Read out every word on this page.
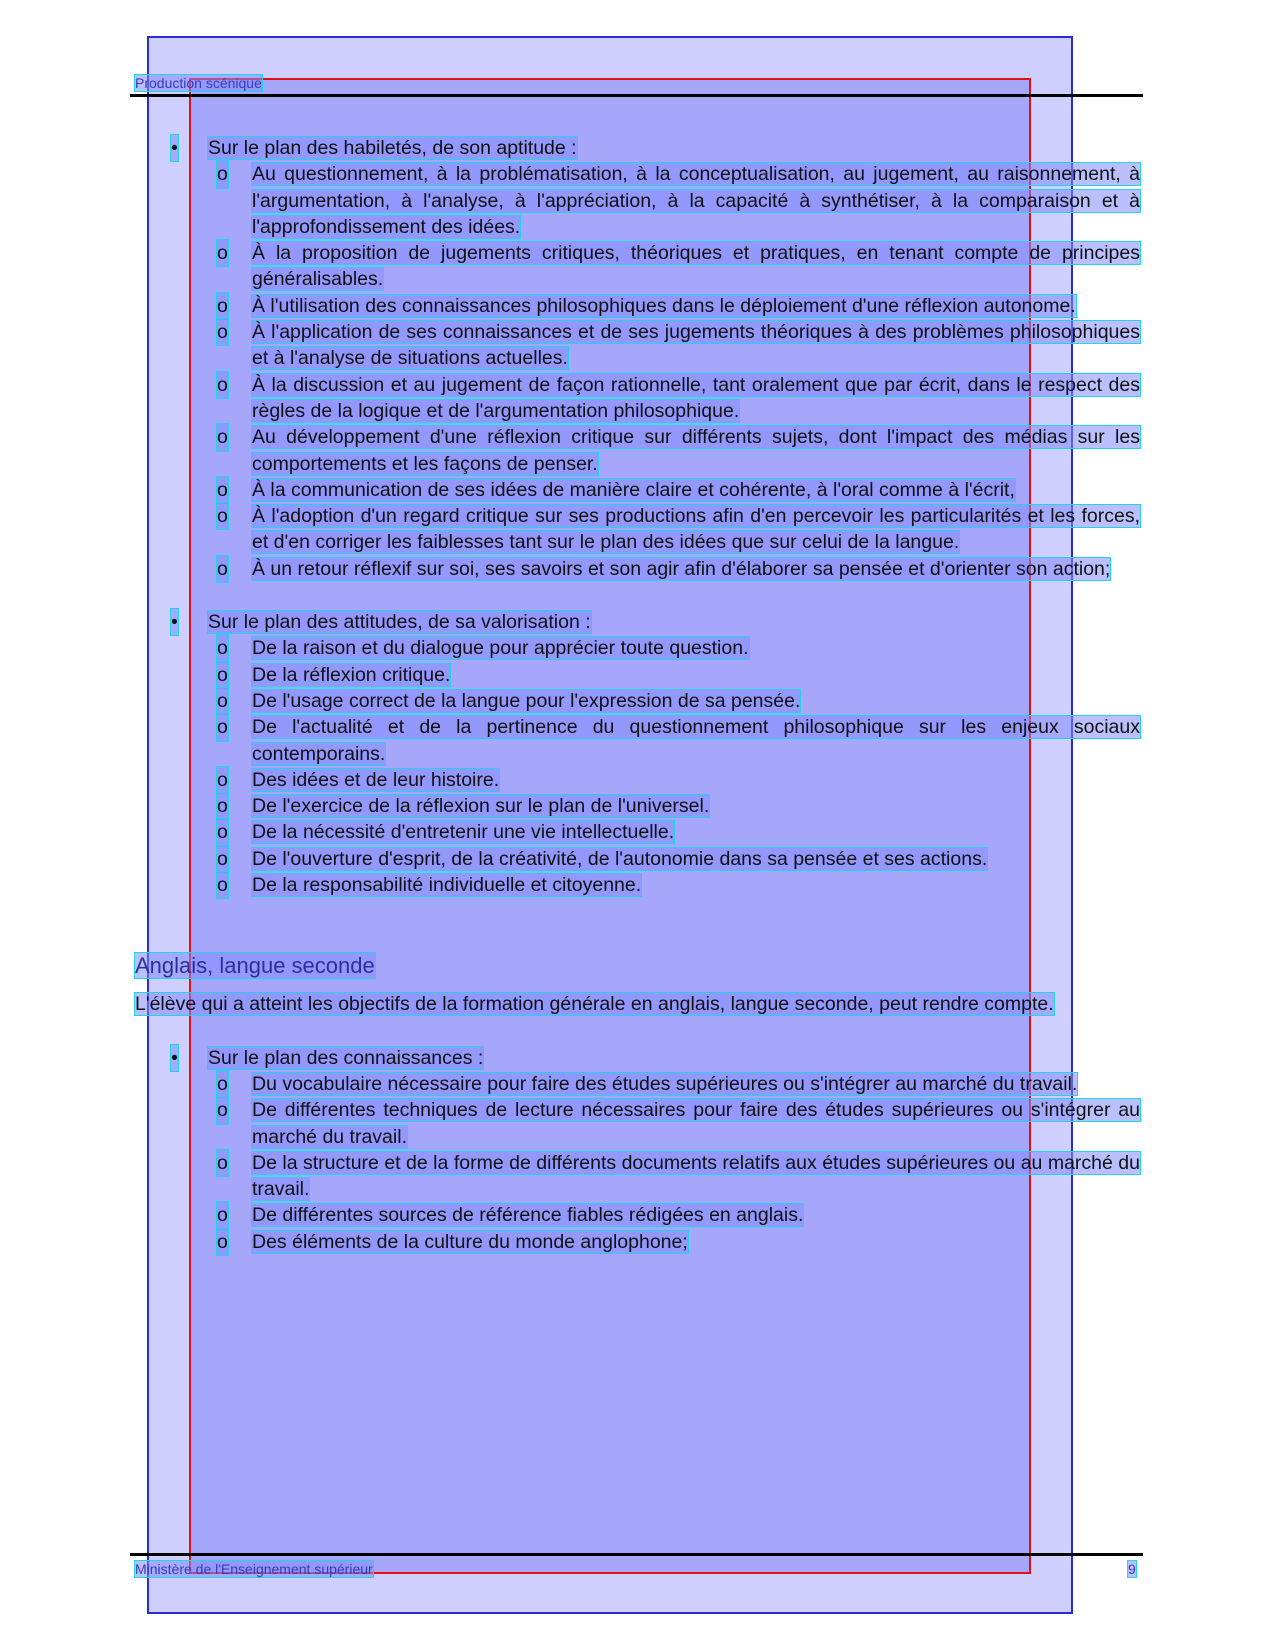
Production scénique
• Sur le plan des habiletés, de son aptitude :
o Au questionnement, à la problématisation, à la conceptualisation, au jugement, au raisonnement, à l'argumentation, à l'analyse, à l'appréciation, à la capacité à synthétiser, à la comparaison et à l'approfondissement des idées.
o À la proposition de jugements critiques, théoriques et pratiques, en tenant compte de principes généralisables.
o À l'utilisation des connaissances philosophiques dans le déploiement d'une réflexion autonome.
o À l'application de ses connaissances et de ses jugements théoriques à des problèmes philosophiques et à l'analyse de situations actuelles.
o À la discussion et au jugement de façon rationnelle, tant oralement que par écrit, dans le respect des règles de la logique et de l'argumentation philosophique.
o Au développement d'une réflexion critique sur différents sujets, dont l'impact des médias sur les comportements et les façons de penser.
o À la communication de ses idées de manière claire et cohérente, à l'oral comme à l'écrit,
o À l'adoption d'un regard critique sur ses productions afin d'en percevoir les particularités et les forces, et d'en corriger les faiblesses tant sur le plan des idées que sur celui de la langue.
o À un retour réflexif sur soi, ses savoirs et son agir afin d'élaborer sa pensée et d'orienter son action;
• Sur le plan des attitudes, de sa valorisation :
o De la raison et du dialogue pour apprécier toute question.
o De la réflexion critique.
o De l'usage correct de la langue pour l'expression de sa pensée.
o De l'actualité et de la pertinence du questionnement philosophique sur les enjeux sociaux contemporains.
o Des idées et de leur histoire.
o De l'exercice de la réflexion sur le plan de l'universel.
o De la nécessité d'entretenir une vie intellectuelle.
o De l'ouverture d'esprit, de la créativité, de l'autonomie dans sa pensée et ses actions.
o De la responsabilité individuelle et citoyenne.
Anglais, langue seconde
L'élève qui a atteint les objectifs de la formation générale en anglais, langue seconde, peut rendre compte.
• Sur le plan des connaissances :
o Du vocabulaire nécessaire pour faire des études supérieures ou s'intégrer au marché du travail.
o De différentes techniques de lecture nécessaires pour faire des études supérieures ou s'intégrer au marché du travail.
o De la structure et de la forme de différents documents relatifs aux études supérieures ou au marché du travail.
o De différentes sources de référence fiables rédigées en anglais.
o Des éléments de la culture du monde anglophone;
Ministère de l'Enseignement supérieur	9
